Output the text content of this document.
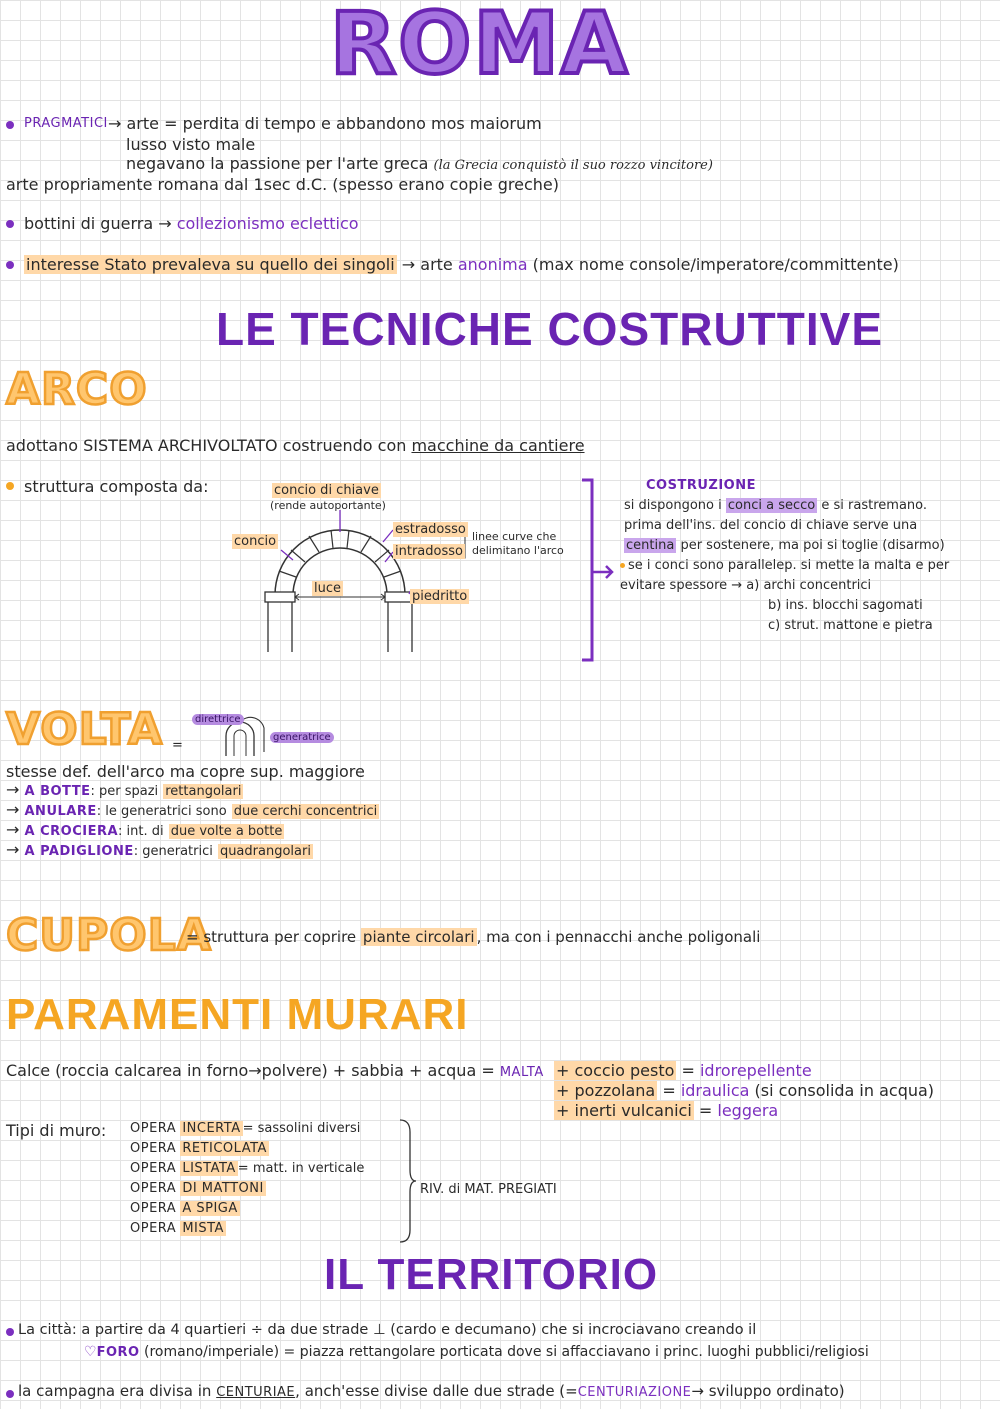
ROMA
PRAGMATICI → arte = perdita di tempo e abbandono mos maiorum
lusso visto male
negavano la passione per l'arte greca (la Grecia conquistò il suo rozzo vincitore)
arte propriamente romana dal 1sec d.C. (spesso erano copie greche)
bottini di guerra → collezionismo eclettico
interesse Stato prevaleva su quello dei singoli → arte anonima (max nome console/imperatore/committente)
LE TECNICHE COSTRUTTIVE
ARCO
adottano SISTEMA ARCHIVOLTATO costruendo con macchine da cantiere
struttura composta da:	concio di chiave
(rende autoportante)
concio
estradosso
intradosso
linee curve che
delimitano l'arco
luce
piedritto
COSTRUZIONE
si dispongono i conci a secco e si rastremano.
prima dell'ins. del concio di chiave serve una
centina per sostenere, ma poi si toglie (disarmo)
se i conci sono parallelep. si mette la malta e per
evitare spessore → a) archi concentrici
b) ins. blocchi sagomati
c) strut. mattone e pietra
VOLTA =
direttrice
generatrice
stesse def. dell'arco ma copre sup. maggiore
→ A BOTTE: per spazi rettangolari
→ ANULARE: le generatrici sono due cerchi concentrici
→ A CROCIERA: int. di due volte a botte
→ A PADIGLIONE: generatrici quadrangolari
CUPOLA
= struttura per coprire piante circolari , ma con i pennacchi anche poligonali
PARAMENTI MURARI
Calce (roccia calcarea in forno→polvere) + sabbia + acqua = MALTA + coccio pesto = idrorepellente
+ pozzolana = idraulica (si consolida in acqua)
+ inerti vulcanici = leggera
Tipi di muro: OPERA INCERTA = sassolini diversi
OPERA RETICOLATA
OPERA LISTATA = matt. in verticale
OPERA DI MATTONI
OPERA A SPIGA
OPERA MISTA
RIV. di MAT. PREGIATI
IL TERRITORIO
La città: a partire da 4 quartieri ÷ da due strade ⊥ (cardo e decumano) che si incrociavano creando il
♡FORO (romano/imperiale) = piazza rettangolare porticata dove si affacciavano i princ. luoghi pubblici/religiosi
la campagna era divisa in CENTURIAE, anch'esse divise dalle due strade (=CENTURIAZIONE→ sviluppo ordinato)
